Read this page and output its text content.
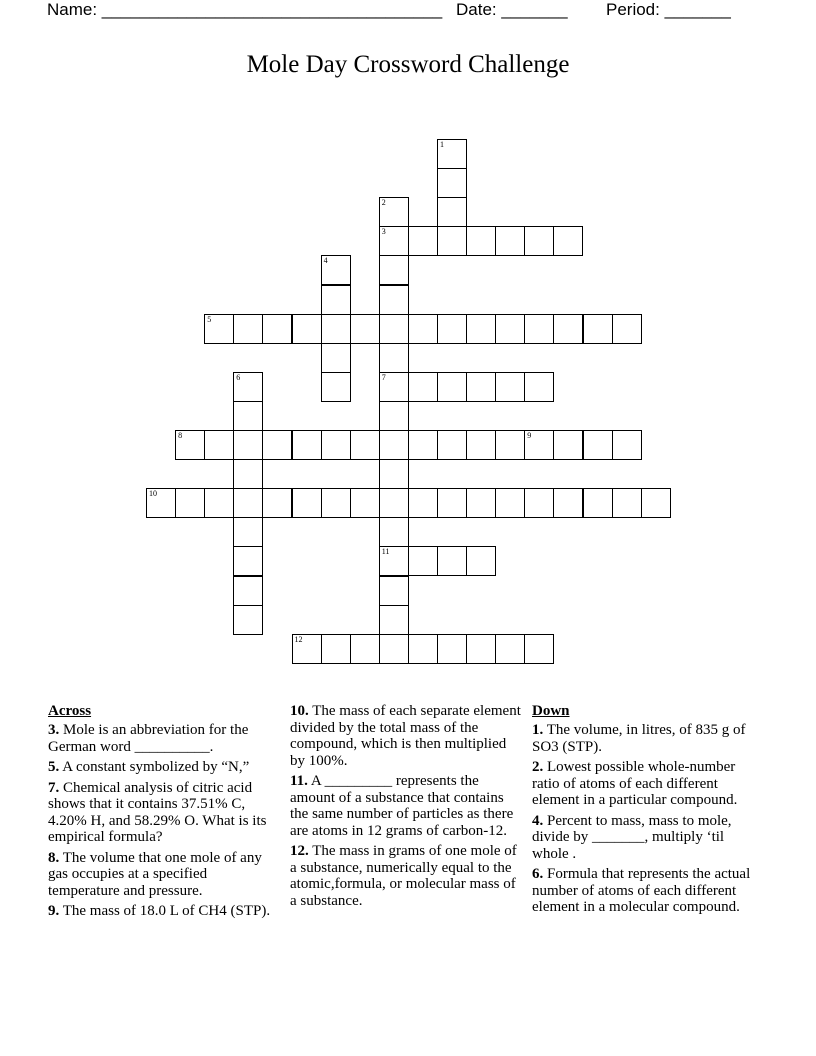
Name: ____________________________________ Date: _______ Period: _______
Mole Day Crossword Challenge
1
2
3
7
11
4
5
6
8	9
10
12
Across
3. Mole is an abbreviation for the German word __________.
5. A constant symbolized by “N,”
7. Chemical analysis of citric acid shows that it contains 37.51% C, 4.20% H, and 58.29% O. What is its empirical formula?
8. The volume that one mole of any gas occupies at a specified temperature and pressure.
9. The mass of 18.0 L of CH4 (STP).
10. The mass of each separate element divided by the total mass of the compound, which is then multiplied by 100%.
11. A _________ represents the amount of a substance that contains the same number of particles as there are atoms in 12 grams of carbon-12.
12. The mass in grams of one mole of a substance, numerically equal to the atomic,formula, or molecular mass of a substance.
Down
1. The volume, in litres, of 835 g of SO3 (STP).
2. Lowest possible whole-number ratio of atoms of each different element in a particular compound.
4. Percent to mass, mass to mole, divide by _______, multiply ‘til whole .
6. Formula that represents the actual number of atoms of each different element in a molecular compound.
